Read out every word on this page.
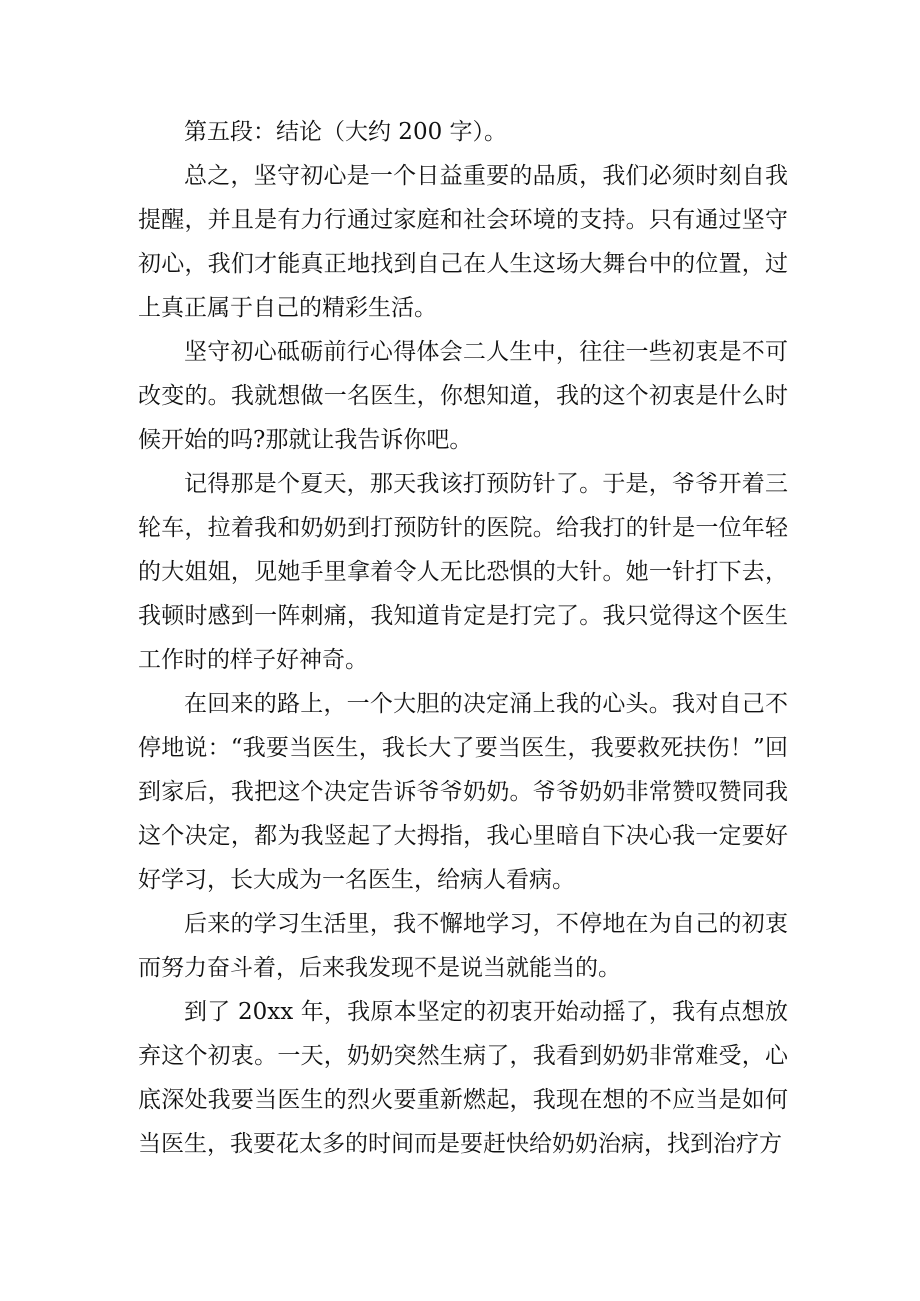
第五段：结论（大约 200 字）。

总之，坚守初心是一个日益重要的品质，我们必须时刻自我提醒，并且是有力行通过家庭和社会环境的支持。只有通过坚守初心，我们才能真正地找到自己在人生这场大舞台中的位置，过上真正属于自己的精彩生活。

坚守初心砥砺前行心得体会二人生中，往往一些初衷是不可改变的。我就想做一名医生，你想知道，我的这个初衷是什么时候开始的吗?那就让我告诉你吧。

记得那是个夏天，那天我该打预防针了。于是，爷爷开着三轮车，拉着我和奶奶到打预防针的医院。给我打的针是一位年轻的大姐姐，见她手里拿着令人无比恐惧的大针。她一针打下去，我顿时感到一阵刺痛，我知道肯定是打完了。我只觉得这个医生工作时的样子好神奇。

在回来的路上，一个大胆的决定涌上我的心头。我对自己不停地说：“我要当医生，我长大了要当医生，我要救死扶伤！”回到家后，我把这个决定告诉爷爷奶奶。爷爷奶奶非常赞叹赞同我这个决定，都为我竖起了大拇指，我心里暗自下决心我一定要好好学习，长大成为一名医生，给病人看病。

后来的学习生活里，我不懈地学习，不停地在为自己的初衷而努力奋斗着，后来我发现不是说当就能当的。

到了 20xx 年，我原本坚定的初衷开始动摇了，我有点想放弃这个初衷。一天，奶奶突然生病了，我看到奶奶非常难受，心底深处我要当医生的烈火要重新燃起，我现在想的不应当是如何当医生，我要花太多的时间而是要赶快给奶奶治病，找到治疗方
